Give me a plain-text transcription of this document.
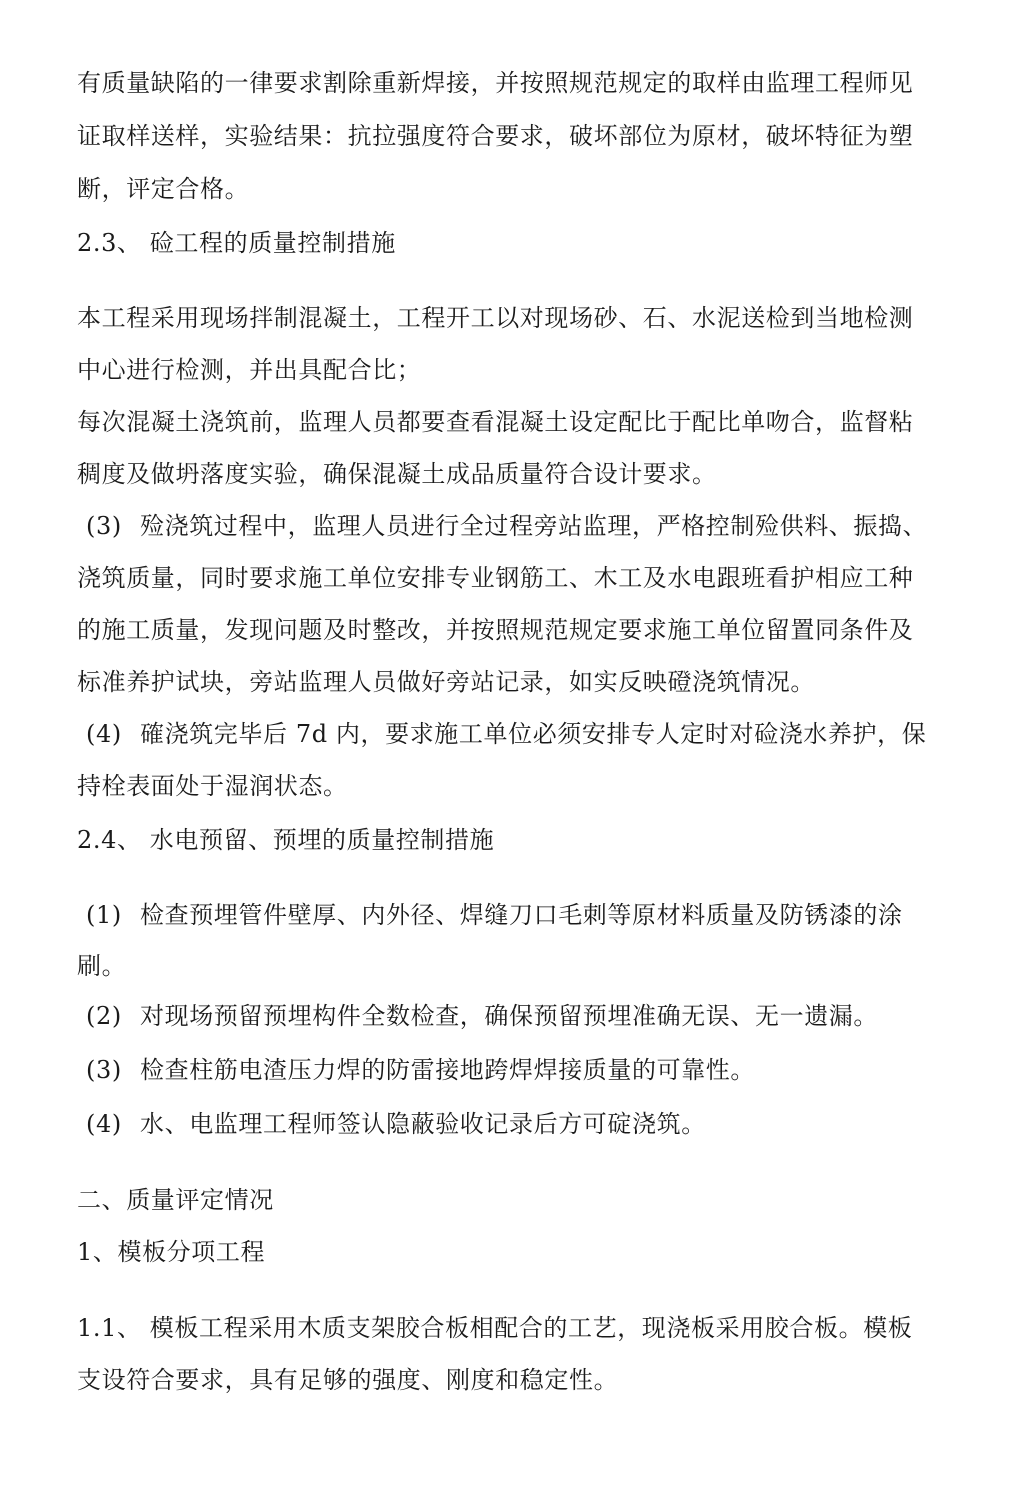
有质量缺陷的一律要求割除重新焊接，并按照规范规定的取样由监理工程师见
证取样送样，实验结果：抗拉强度符合要求，破坏部位为原材，破坏特征为塑
断，评定合格。
2.3、 硷工程的质量控制措施
本工程采用现场拌制混凝土，工程开工以对现场砂、石、水泥送检到当地检测
中心进行检测，并出具配合比；
每次混凝土浇筑前，监理人员都要查看混凝土设定配比于配比单吻合，监督粘
稠度及做坍落度实验，确保混凝土成品质量符合设计要求。
(3) 殓浇筑过程中，监理人员进行全过程旁站监理，严格控制殓供料、振捣、
浇筑质量，同时要求施工单位安排专业钢筋工、木工及水电跟班看护相应工种
的施工质量，发现问题及时整改，并按照规范规定要求施工单位留置同条件及
标准养护试块，旁站监理人员做好旁站记录，如实反映磴浇筑情况。
(4) 確浇筑完毕后 7d 内，要求施工单位必须安排专人定时对硷浇水养护，保
持栓表面处于湿润状态。
2.4、 水电预留、预埋的质量控制措施
(1) 检查预埋管件壁厚、内外径、焊缝刀口毛刺等原材料质量及防锈漆的涂
刷。
(2) 对现场预留预埋构件全数检查，确保预留预埋准确无误、无一遗漏。
(3) 检查柱筋电渣压力焊的防雷接地跨焊焊接质量的可靠性。
(4) 水、电监理工程师签认隐蔽验收记录后方可碇浇筑。
二、质量评定情况
1、模板分项工程
1.1、 模板工程采用木质支架胶合板相配合的工艺，现浇板采用胶合板。模板
支设符合要求，具有足够的强度、刚度和稳定性。
